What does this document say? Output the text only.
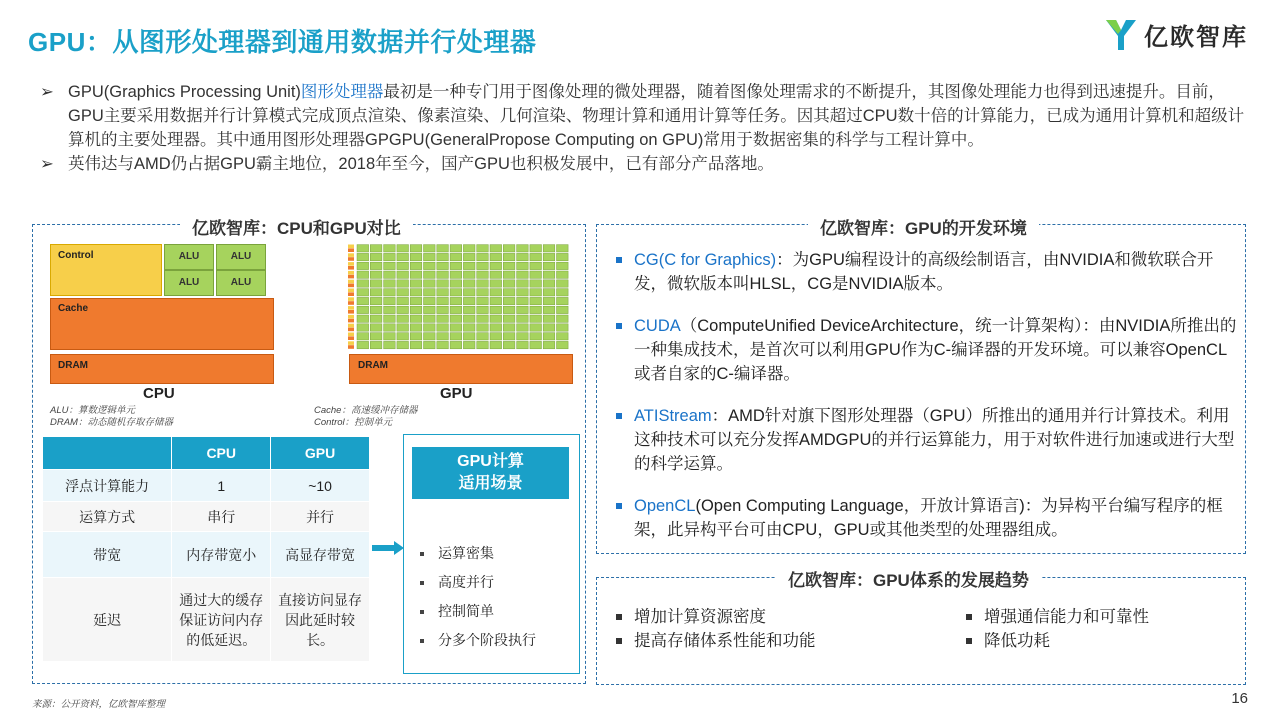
GPU：从图形处理器到通用数据并行处理器	亿欧智库
➢ GPU(Graphics Processing Unit)图形处理器最初是一种专门用于图像处理的微处理器，随着图像处理需求的不断提升，其图像处理能力也得到迅速提升。目前，GPU主要采用数据并行计算模式完成顶点渲染、像素渲染、几何渲染、物理计算和通用计算等任务。因其超过CPU数十倍的计算能力，已成为通用计算机和超级计算机的主要处理器。其中通用图形处理器GPGPU(GeneralPropose Computing on GPU)常用于数据密集的科学与工程计算中。
➢ 英伟达与AMD仍占据GPU霸主地位，2018年至今，国产GPU也积极发展中，已有部分产品落地。
亿欧智库：CPU和GPU对比
Control	ALU	ALU
ALU	ALU
Cache
DRAM
CPU
DRAM
GPU
ALU：算数逻辑单元
DRAM：动态随机存取存储器
Cache：高速缓冲存储器
Control：控制单元
	CPU	GPU
浮点计算能力	1	~10
运算方式	串行	并行
带宽	内存带宽小	高显存带宽
延迟	通过大的缓存保证访问内存的低延迟。	直接访问显存因此延时较长。
GPU计算
适用场景
运算密集
高度并行
控制简单
分多个阶段执行
亿欧智库：GPU的开发环境
CG(C for Graphics)：为GPU编程设计的高级绘制语言，由NVIDIA和微软联合开发，微软版本叫HLSL，CG是NVIDIA版本。
CUDA（ComputeUnified DeviceArchitecture，统一计算架构）：由NVIDIA所推出的一种集成技术，是首次可以利用GPU作为C-编译器的开发环境。可以兼容OpenCL或者自家的C-编译器。
ATIStream：AMD针对旗下图形处理器（GPU）所推出的通用并行计算技术。利用这种技术可以充分发挥AMDGPU的并行运算能力，用于对软件进行加速或进行大型的科学运算。
OpenCL(Open Computing Language，开放计算语言)：为异构平台编写程序的框架，此异构平台可由CPU，GPU或其他类型的处理器组成。
亿欧智库：GPU体系的发展趋势
增加计算资源密度
提高存储体系性能和功能
增强通信能力和可靠性
降低功耗
来源：公开资料，亿欧智库整理	16
